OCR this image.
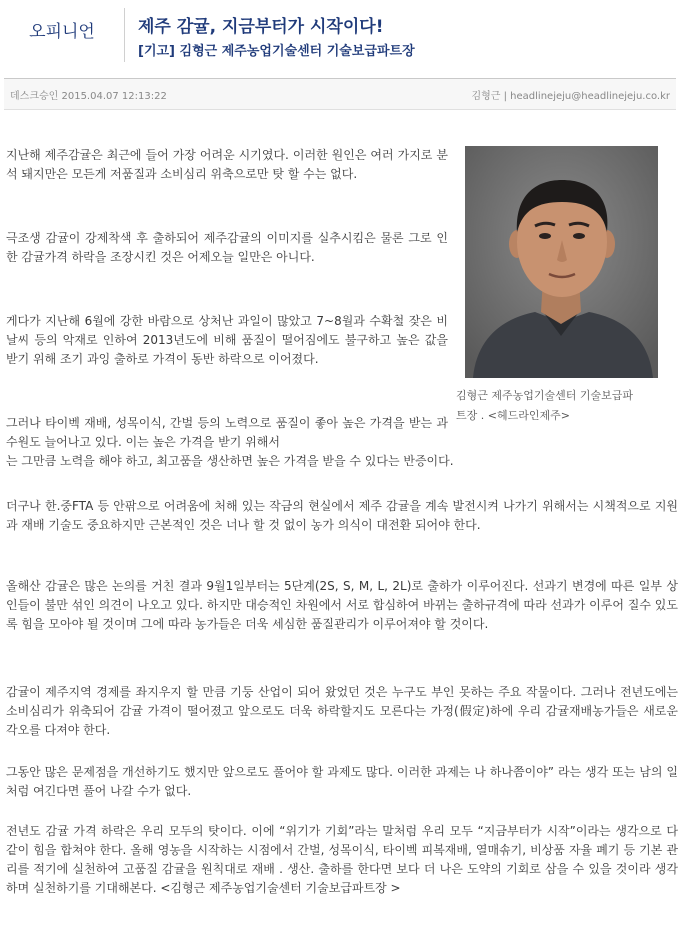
오피니언	제주 감귤, 지금부터가 시작이다!
[기고] 김형근 제주농업기술센터 기술보급파트장
데스크승인 2015.04.07 12:13:22	김형근 | headlinejeju@headlinejeju.co.kr
김형근 제주농업기술센터 기술보급파
트장 . <헤드라인제주>
지난해 제주감귤은 최근에 들어 가장 어려운 시기였다. 이러한 원인은 여러 가지로 분석 돼지만은 모든게 저품질과 소비심리 위축으로만 탓 할 수는 없다.
극조생 감귤이 강제착색 후 출하되어 제주감귤의 이미지를 실추시킴은 물론 그로 인한 감귤가격 하락을 조장시킨 것은 어제오늘 일만은 아니다.
게다가 지난해 6월에 강한 바람으로 상처난 과일이 많았고 7~8월과 수확철 잦은 비 날씨 등의 악재로 인하여 2013년도에 비해 품질이 떨어짐에도 불구하고 높은 값을 받기 위해 조기 과잉 출하로 가격이 동반 하락으로 이어졌다.
그러나 타이벡 재배, 성목이식, 간벌 등의 노력으로 품질이 좋아 높은 가격을 받는 과수원도 늘어나고 있다. 이는 높은 가격을 받기 위해서
는 그만큼 노력을 해야 하고, 최고품을 생산하면 높은 가격을 받을 수 있다는 반증이다.
더구나 한.중FTA 등 안팎으로 어려움에 처해 있는 작금의 현실에서 제주 감귤을 계속 발전시켜 나가기 위해서는 시책적으로 지원과 재배 기술도 중요하지만 근본적인 것은 너나 할 것 없이 농가 의식이 대전환 되어야 한다.
올해산 감귤은 많은 논의를 거친 결과 9월1일부터는 5단계(2S, S, M, L, 2L)로 출하가 이루어진다. 선과기 변경에 따른 일부 상인들이 불만 섞인 의견이 나오고 있다. 하지만 대승적인 차원에서 서로 합심하여 바뀌는 출하규격에 따라 선과가 이루어 질수 있도록 힘을 모아야 될 것이며 그에 따라 농가들은 더욱 세심한 품질관리가 이루어져야 할 것이다.
감귤이 제주지역 경제를 좌지우지 할 만큼 기둥 산업이 되어 왔었던 것은 누구도 부인 못하는 주요 작물이다. 그러나 전년도에는 소비심리가 위축되어 감귤 가격이 떨어졌고 앞으로도 더욱 하락할지도 모른다는 가정(假定)하에 우리 감귤재배농가들은 새로운 각오를 다져야 한다.
그동안 많은 문제점을 개선하기도 했지만 앞으로도 풀어야 할 과제도 많다. 이러한 과제는 나 하나쯤이야” 라는 생각 또는 남의 일처럼 여긴다면 풀어 나갈 수가 없다.
전년도 감귤 가격 하락은 우리 모두의 탓이다. 이에 “위기가 기회”라는 말처럼 우리 모두 “지금부터가 시작”이라는 생각으로 다 같이 힘을 합쳐야 한다. 올해 영농을 시작하는 시점에서 간벌, 성목이식, 타이벡 피복재배, 열매솎기, 비상품 자율 폐기 등 기본 관리를 적기에 실천하여 고품질 감귤을 원칙대로 재배 . 생산. 출하를 한다면 보다 더 나은 도약의 기회로 삼을 수 있을 것이라 생각하며 실천하기를 기대해본다. <김형근 제주농업기술센터 기술보급파트장 >
